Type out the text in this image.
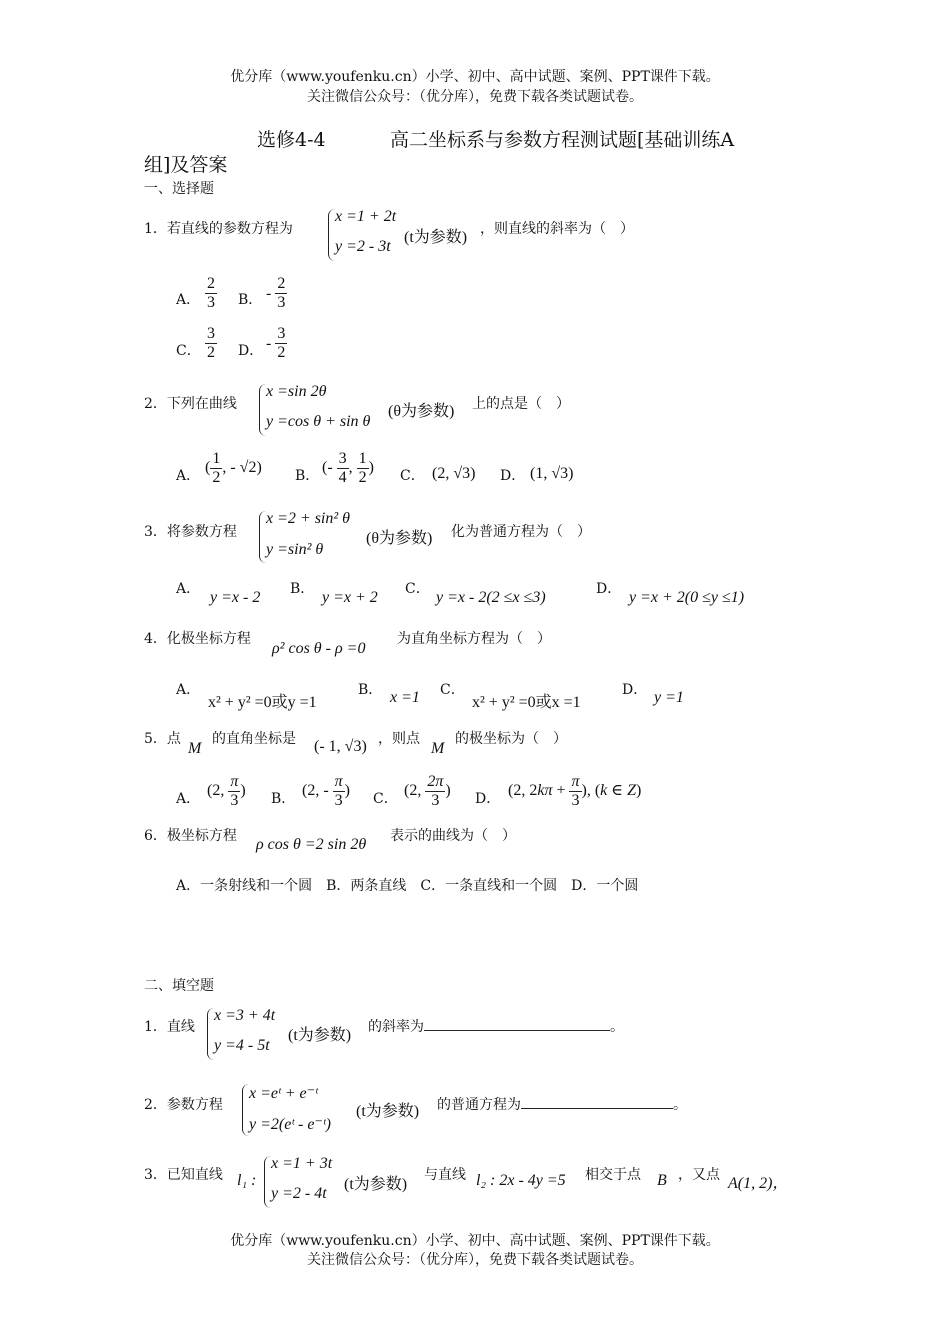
优分库（www.youfenku.cn）小学、初中、高中试题、案例、PPT课件下载。
关注微信公众号：（优分库），免费下载各类试题试卷。
选修4-4	高二坐标系与参数方程测试题[基础训练A
组]及答案
一、选择题
1．若直线的参数方程为
x =1 + 2t
y =2 - 3t
(t为参数) ，则直线的斜率为（　）
A． $\frac{2}{3}$ B． - $\frac{2}{3}$
C． $\frac{3}{2}$ D． - $\frac{3}{2}$
2．下列在曲线
x =sin 2θ
y =cos θ + sin θ
(θ为参数) 上的点是（　）
A． ( $\frac{1}{2}$ , - √2) B． (- $\frac{3}{4}$ , $\frac{1}{2}$ ) C． (2, √3) D． (1, √3)
3．将参数方程
x =2 + sin² θ
y =sin² θ
(θ为参数) 化为普通方程为（　）
A． y =x - 2 B． y =x + 2 C． y =x - 2(2 ≤x ≤3)	D． y =x + 2(0 ≤y ≤1)
4．化极坐标方程
ρ² cos θ - ρ =0
为直角坐标方程为（　）
A．
x² + y² =0或y =1
B． x =1 C．
x² + y² =0或x =1
D． y =1
5．点
M
的直角坐标是 (- 1, √3) ，则点
M
的极坐标为（　）
A． (2, $\frac{\pi}{3}$ ) B． (2, - $\frac{\pi}{3}$ ) C． (2, $\frac{2\pi}{3}$ ) D． (2, $2k\pi + \frac{\pi}{3}$ ), (k ∈ Z)
6．极坐标方程 ρ cos θ =2 sin 2θ 表示的曲线为（　）
A．一条射线和一个圆　B．两条直线　C．一条直线和一个圆　D．一个圆
二、填空题
1．直线
x =3 + 4t
y =4 - 5t
(t为参数) 的斜率为	。
2．参数方程
x =eᵗ + e⁻ᵗ
y =2(eᵗ - e⁻ᵗ)
(t为参数) 的普通方程为	。
3．已知直线 l₁ :
x =1 + 3t
y =2 - 4t
(t为参数)
与直线 l₂ : 2x - 4y =5 相交于点 B ，又点 A(1, 2)，
优分库（www.youfenku.cn）小学、初中、高中试题、案例、PPT课件下载。
关注微信公众号：（优分库），免费下载各类试题试卷。
